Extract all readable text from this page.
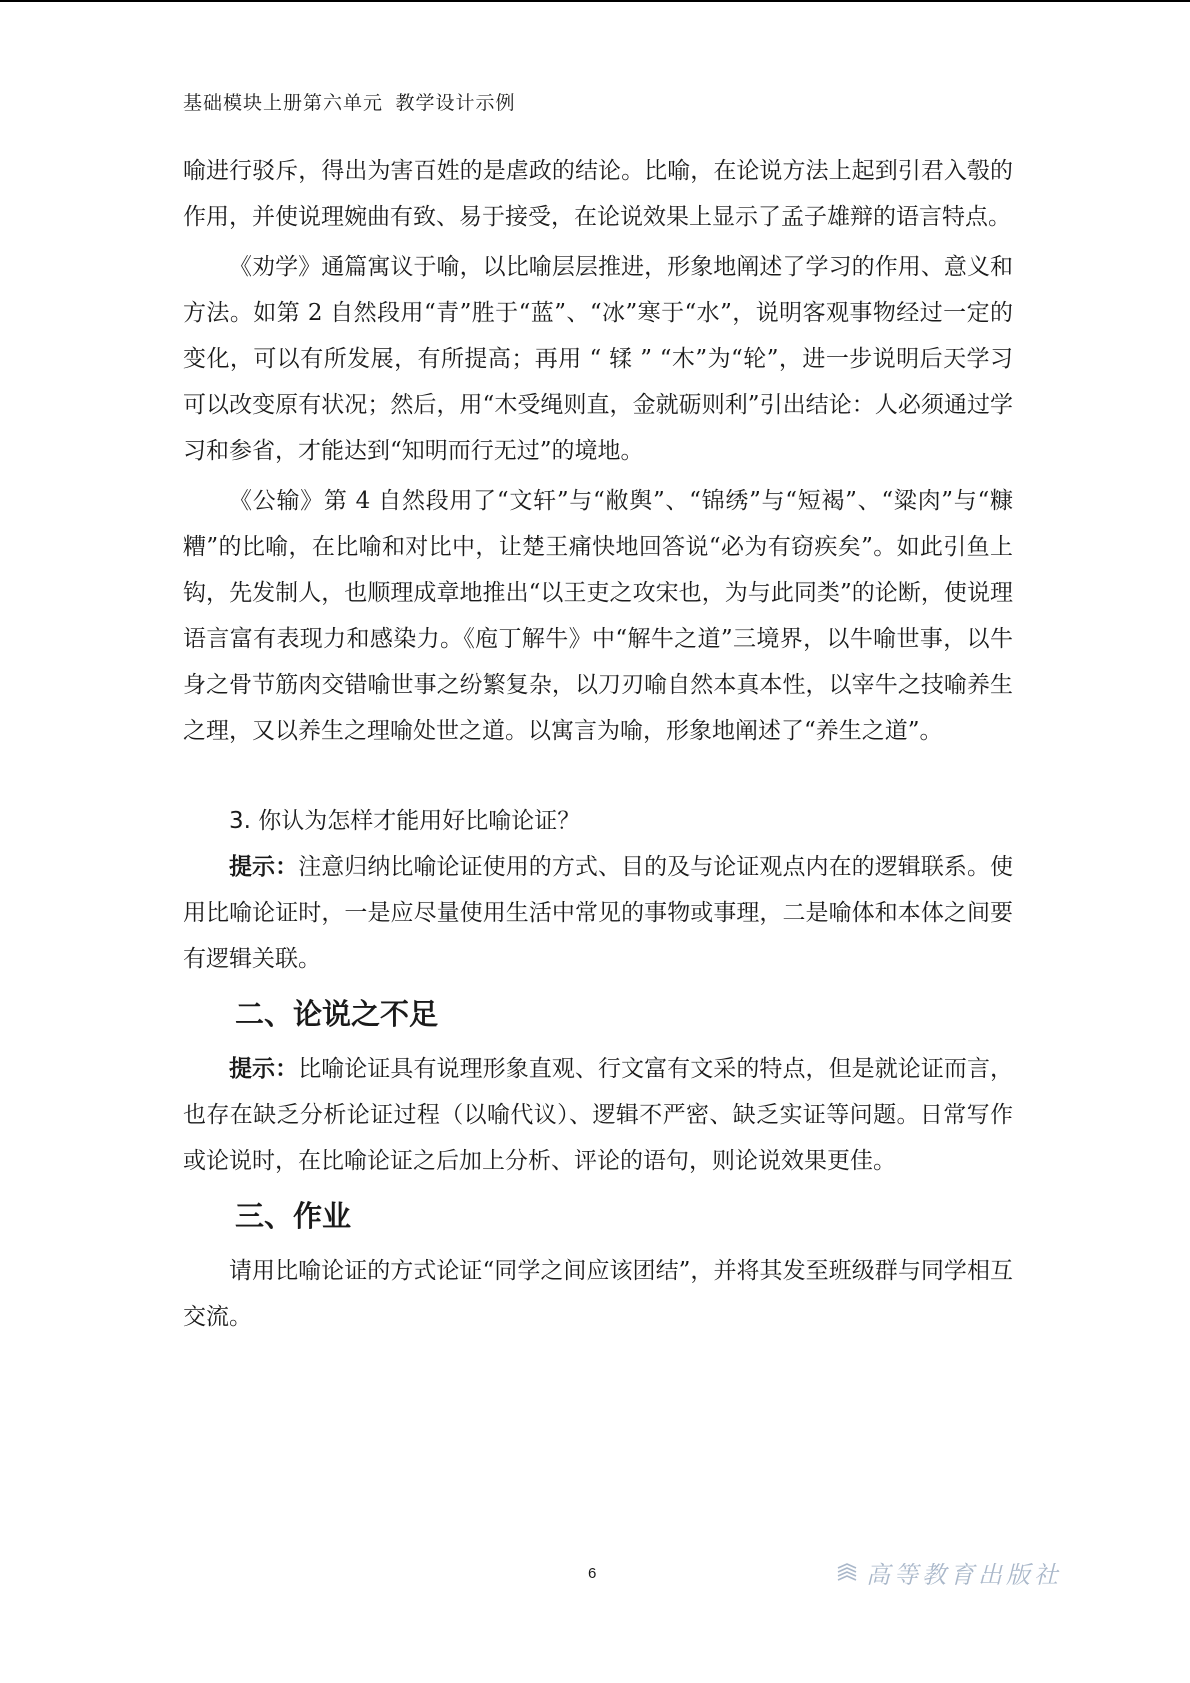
基础模块上册第六单元 教学设计示例

喻进行驳斥，得出为害百姓的是虐政的结论。比喻，在论说方法上起到引君入彀的作用，并使说理婉曲有致、易于接受，在论说效果上显示了孟子雄辩的语言特点。

《劝学》通篇寓议于喻，以比喻层层推进，形象地阐述了学习的作用、意义和方法。如第 2 自然段用“青”胜于“蓝”、“冰”寒于“水”，说明客观事物经过一定的变化，可以有所发展，有所提高；再用 “ 𫐓 ” “木”为“轮”，进一步说明后天学习可以改变原有状况；然后，用“木受绳则直，金就砺则利”引出结论：人必须通过学习和参省，才能达到“知明而行无过”的境地。

《公输》第 4 自然段用了“文轩”与“敝舆”、“锦绣”与“短褐”、“粱肉”与“糠糟”的比喻，在比喻和对比中，让楚王痛快地回答说“必为有窃疾矣”。如此引鱼上钩，先发制人，也顺理成章地推出“以王吏之攻宋也，为与此同类”的论断，使说理语言富有表现力和感染力。《庖丁解牛》中“解牛之道”三境界，以牛喻世事，以牛身之骨节筋肉交错喻世事之纷繁复杂，以刀刃喻自然本真本性，以宰牛之技喻养生之理，又以养生之理喻处世之道。以寓言为喻，形象地阐述了“养生之道”。

3. 你认为怎样才能用好比喻论证？

提示：注意归纳比喻论证使用的方式、目的及与论证观点内在的逻辑联系。使用比喻论证时，一是应尽量使用生活中常见的事物或事理，二是喻体和本体之间要有逻辑关联。

二、论说之不足

提示：比喻论证具有说理形象直观、行文富有文采的特点，但是就论证而言，也存在缺乏分析论证过程（以喻代议）、逻辑不严密、缺乏实证等问题。日常写作或论说时，在比喻论证之后加上分析、评论的语句，则论说效果更佳。

三、作业

请用比喻论证的方式论证“同学之间应该团结”，并将其发至班级群与同学相互交流。

6	高等教育出版社
